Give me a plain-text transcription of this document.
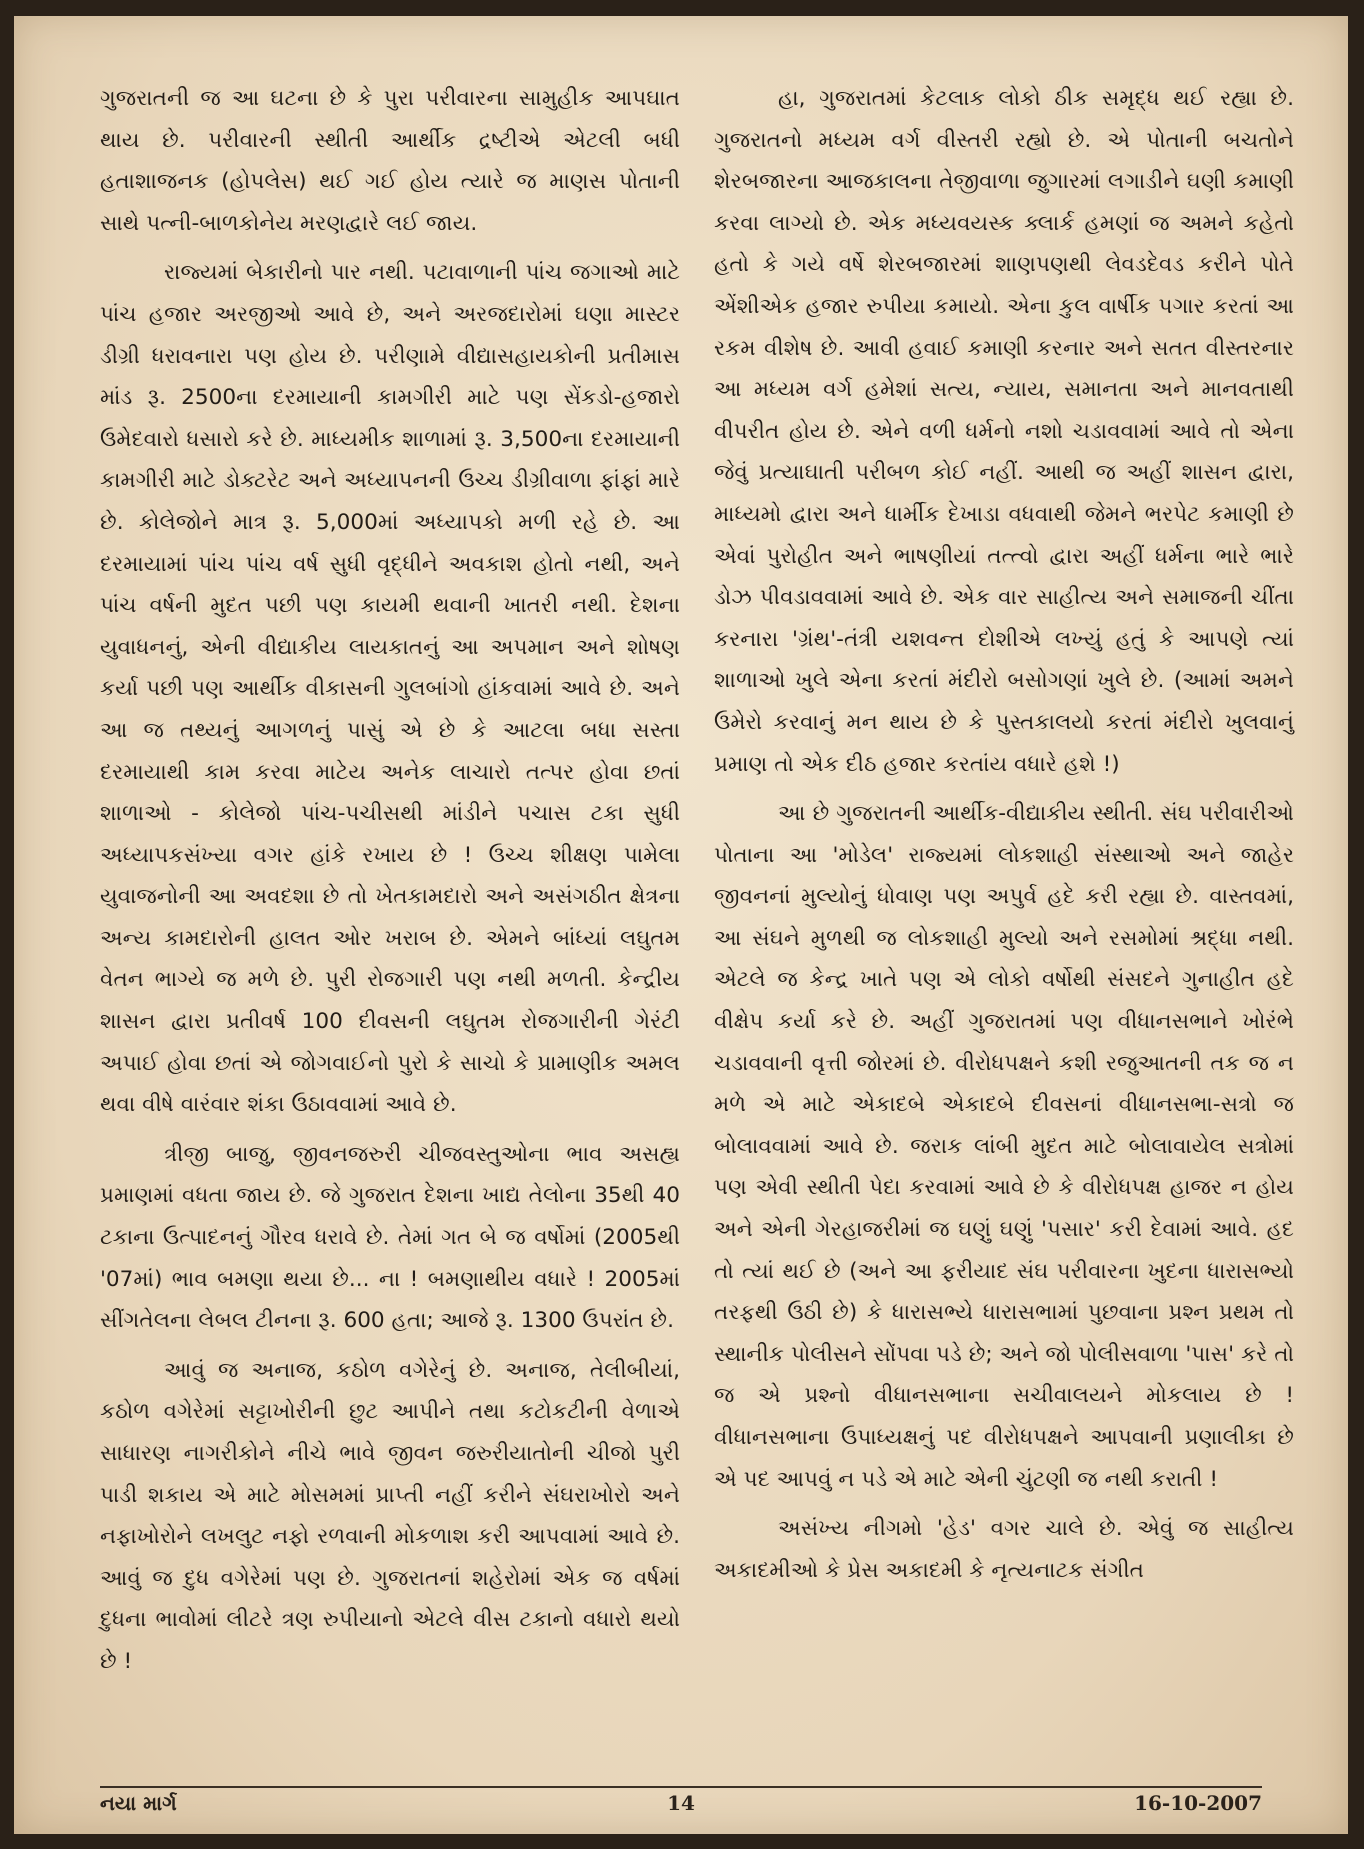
ગુજરાતની જ આ ઘટના છે કે પુરા પરીવારના સામુહીક આપઘાત થાય છે. પરીવારની સ્થીતી આર્થીક દ્રષ્ટીએ એટલી બધી હતાશાજનક (હોપલેસ) થઈ ગઈ હોય ત્યારે જ માણસ પોતાની સાથે પત્ની-બાળકોનેય મરણદ્વારે લઈ જાય.

રાજ્યમાં બેકારીનો પાર નથી. પટાવાળાની પાંચ જગાઓ માટે પાંચ હજાર અરજીઓ આવે છે, અને અરજદારોમાં ઘણા માસ્ટર ડીગ્રી ધરાવનારા પણ હોય છે. પરીણામે વીદ્યાસહાયકોની પ્રતીમાસ માંડ રૂ. 2500ના દરમાયાની કામગીરી માટે પણ સેંકડો-હજારો ઉમેદવારો ધસારો કરે છે. માધ્યમીક શાળામાં રૂ. 3,500ના દરમાયાની કામગીરી માટે ડોક્ટરેટ અને અધ્યાપનની ઉચ્ચ ડીગ્રીવાળા ફાંફાં મારે છે. કોલેજોને માત્ર રૂ. 5,000માં અધ્યાપકો મળી રહે છે. આ દરમાયામાં પાંચ પાંચ વર્ષ સુધી વૃદ્ધીને અવકાશ હોતો નથી, અને પાંચ વર્ષની મુદત પછી પણ કાયમી થવાની ખાતરી નથી. દેશના યુવાધનનું, એની વીદ્યાકીય લાયકાતનું આ અપમાન અને શોષણ કર્યા પછી પણ આર્થીક વીકાસની ગુલબાંગો હાંકવામાં આવે છે. અને આ જ તથ્યનું આગળનું પાસું એ છે કે આટલા બધા સસ્તા દરમાયાથી કામ કરવા માટેય અનેક લાચારો તત્પર હોવા છતાં શાળાઓ - કોલેજો પાંચ-પચીસથી માંડીને પચાસ ટકા સુધી અધ્યાપકસંખ્યા વગર હાંકે રખાય છે ! ઉચ્ચ શીક્ષણ પામેલા યુવાજનોની આ અવદશા છે તો ખેતકામદારો અને અસંગઠીત ક્ષેત્રના અન્ય કામદારોની હાલત ઓર ખરાબ છે. એમને બાંધ્યાં લઘુતમ વેતન ભાગ્યે જ મળે છે. પુરી રોજગારી પણ નથી મળતી. કેન્દ્રીય શાસન દ્વારા પ્રતીવર્ષ 100 દીવસની લઘુતમ રોજગારીની ગેરંટી અપાઈ હોવા છતાં એ જોગવાઈનો પુરો કે સાચો કે પ્રામાણીક અમલ થવા વીષે વારંવાર શંકા ઉઠાવવામાં આવે છે.

ત્રીજી બાજુ, જીવનજરુરી ચીજવસ્તુઓના ભાવ અસહ્ય પ્રમાણમાં વધતા જાય છે. જે ગુજરાત દેશના ખાદ્ય તેલોના 35થી 40 ટકાના ઉત્પાદનનું ગૌરવ ધરાવે છે. તેમાં ગત બે જ વર્ષોમાં (2005થી '07માં) ભાવ બમણા થયા છે... ના ! બમણાથીય વધારે ! 2005માં સીંગતેલના લેબલ ટીનના રૂ. 600 હતા; આજે રૂ. 1300 ઉપરાંત છે.

આવું જ અનાજ, કઠોળ વગેરેનું છે. અનાજ, તેલીબીયાં, કઠોળ વગેરેમાં સટ્ટાખોરીની છુટ આપીને તથા કટોકટીની વેળાએ સાધારણ નાગરીકોને નીચે ભાવે જીવન જરુરીયાતોની ચીજો પુરી પાડી શકાય એ માટે મોસમમાં પ્રાપ્તી નહીં કરીને સંઘરાખોરો અને નફાખોરોને લખલુટ નફો રળવાની મોકળાશ કરી આપવામાં આવે છે. આવું જ દુધ વગેરેમાં પણ છે. ગુજરાતનાં શહેરોમાં એક જ વર્ષમાં દુધના ભાવોમાં લીટરે ત્રણ રુપીયાનો એટલે વીસ ટકાનો વધારો થયો છે !

હા, ગુજરાતમાં કેટલાક લોકો ઠીક સમૃદ્ધ થઈ રહ્યા છે. ગુજરાતનો મધ્યમ વર્ગ વીસ્તરી રહ્યો છે. એ પોતાની બચતોને શેરબજારના આજકાલના તેજીવાળા જુગારમાં લગાડીને ઘણી કમાણી કરવા લાગ્યો છે. એક મધ્યવયસ્ક ક્લાર્ક હમણાં જ અમને કહેતો હતો કે ગયે વર્ષે શેરબજારમાં શાણપણથી લેવડદેવડ કરીને પોતે એંશીએક હજાર રુપીયા કમાયો. એના કુલ વાર્ષીક પગાર કરતાં આ રકમ વીશેષ છે. આવી હવાઈ કમાણી કરનાર અને સતત વીસ્તરનાર આ મધ્યમ વર્ગ હમેશાં સત્ય, ન્યાય, સમાનતા અને માનવતાથી વીપરીત હોય છે. એને વળી ધર્મનો નશો ચડાવવામાં આવે તો એના જેવું પ્રત્યાઘાતી પરીબળ કોઈ નહીં. આથી જ અહીં શાસન દ્વારા, માધ્યમો દ્વારા અને ધાર્મીક દેખાડા વધવાથી જેમને ભરપેટ કમાણી છે એવાં પુરોહીત અને ભાષણીયાં તત્ત્વો દ્વારા અહીં ધર્મના ભારે ભારે ડોઝ પીવડાવવામાં આવે છે. એક વાર સાહીત્ય અને સમાજની ચીંતા કરનારા 'ગ્રંથ'-તંત્રી યશવન્ત દોશીએ લખ્યું હતું કે આપણે ત્યાં શાળાઓ ખુલે એના કરતાં મંદીરો બસોગણાં ખુલે છે. (આમાં અમને ઉમેરો કરવાનું મન થાય છે કે પુસ્તકાલયો કરતાં મંદીરો ખુલવાનું પ્રમાણ તો એક દીઠ હજાર કરતાંય વધારે હશે !)

આ છે ગુજરાતની આર્થીક-વીદ્યાકીય સ્થીતી. સંઘ પરીવારીઓ પોતાના આ 'મોડેલ' રાજ્યમાં લોકશાહી સંસ્થાઓ અને જાહેર જીવનનાં મુલ્યોનું ધોવાણ પણ અપુર્વ હદે કરી રહ્યા છે. વાસ્તવમાં, આ સંઘને મુળથી જ લોકશાહી મુલ્યો અને રસમોમાં શ્રદ્ધા નથી. એટલે જ કેન્દ્ર ખાતે પણ એ લોકો વર્ષોથી સંસદને ગુનાહીત હદે વીક્ષેપ કર્યા કરે છે. અહીં ગુજરાતમાં પણ વીધાનસભાને ખોરંભે ચડાવવાની વૃત્તી જોરમાં છે. વીરોધપક્ષને કશી રજુઆતની તક જ ન મળે એ માટે એકાદબે એકાદબે દીવસનાં વીધાનસભા-સત્રો જ બોલાવવામાં આવે છે. જરાક લાંબી મુદત માટે બોલાવાયેલ સત્રોમાં પણ એવી સ્થીતી પેદા કરવામાં આવે છે કે વીરોધપક્ષ હાજર ન હોય અને એની ગેરહાજરીમાં જ ઘણું ઘણું 'પસાર' કરી દેવામાં આવે. હદ તો ત્યાં થઈ છે (અને આ ફરીયાદ સંઘ પરીવારના ખુદના ધારાસભ્યો તરફથી ઉઠી છે) કે ધારાસભ્યે ધારાસભામાં પુછવાના પ્રશ્ન પ્રથમ તો સ્થાનીક પોલીસને સોંપવા પડે છે; અને જો પોલીસવાળા 'પાસ' કરે તો જ એ પ્રશ્નો વીધાનસભાના સચીવાલયને મોકલાય છે ! વીધાનસભાના ઉપાધ્યક્ષનું પદ વીરોધપક્ષને આપવાની પ્રણાલીકા છે એ પદ આપવું ન પડે એ માટે એની ચુંટણી જ નથી કરાતી !

અસંખ્ય નીગમો 'હેડ' વગર ચાલે છે. એવું જ સાહીત્ય અકાદમીઓ કે પ્રેસ અકાદમી કે નૃત્યનાટક સંગીત

નયા માર્ગ	14	16-10-2007
